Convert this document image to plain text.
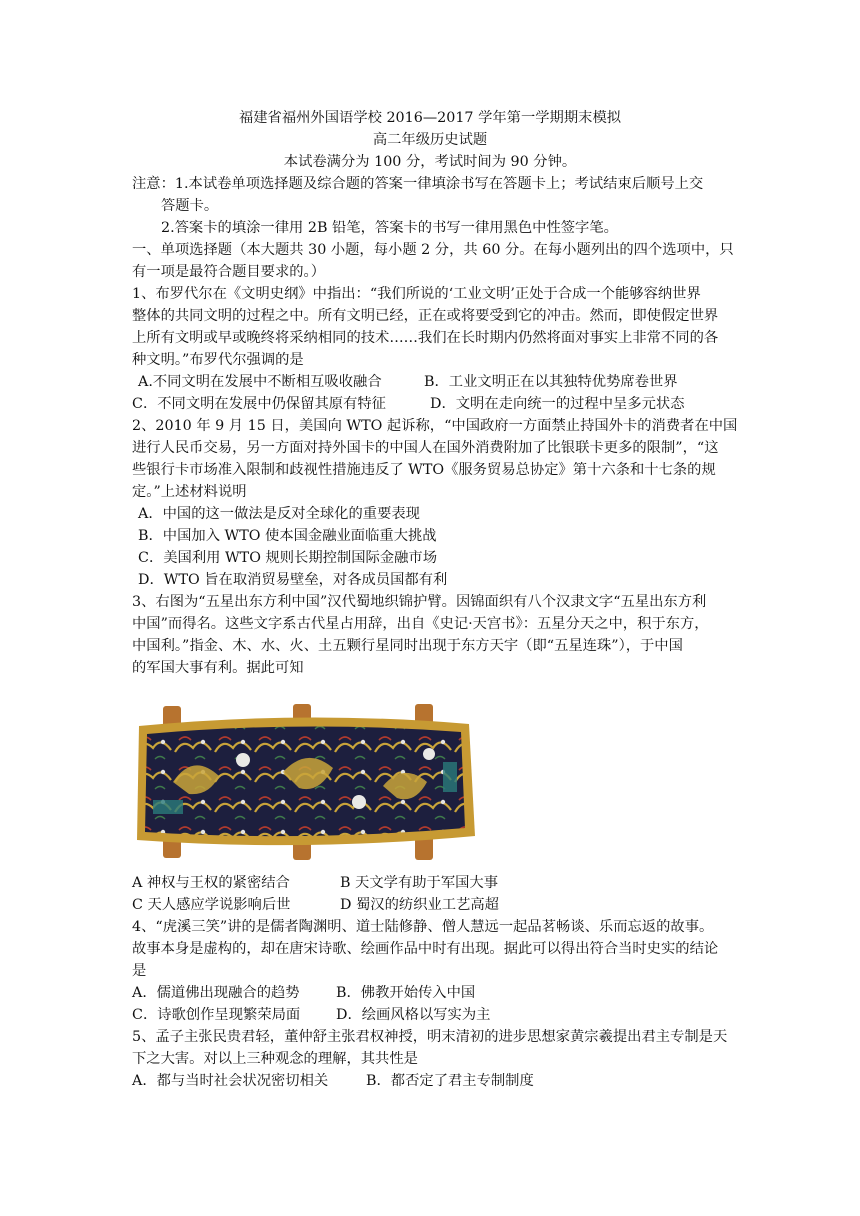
福建省福州外国语学校 2016—2017 学年第一学期期末模拟
高二年级历史试题
本试卷满分为 100 分，考试时间为 90 分钟。
注意：1.本试卷单项选择题及综合题的答案一律填涂书写在答题卡上；考试结束后顺号上交
答题卡。
2.答案卡的填涂一律用 2B 铅笔，答案卡的书写一律用黑色中性签字笔。
一、单项选择题（本大题共 30 小题，每小题 2 分，共 60 分。在每小题列出的四个选项中，只
有一项是最符合题目要求的。）
1、布罗代尔在《文明史纲》中指出：“我们所说的‘工业文明’正处于合成一个能够容纳世界
整体的共同文明的过程之中。所有文明已经，正在或将要受到它的冲击。然而，即使假定世界
上所有文明或早或晚终将采纳相同的技术……我们在长时期内仍然将面对事实上非常不同的各
种文明。”布罗代尔强调的是
A.不同文明在发展中不断相互吸收融合	B．工业文明正在以其独特优势席卷世界
C．不同文明在发展中仍保留其原有特征	D．文明在走向统一的过程中呈多元状态
2、2010 年 9 月 15 日，美国向 WTO 起诉称，“中国政府一方面禁止持国外卡的消费者在中国
进行人民币交易，另一方面对持外国卡的中国人在国外消费附加了比银联卡更多的限制”，“这
些银行卡市场准入限制和歧视性措施违反了 WTO《服务贸易总协定》第十六条和十七条的规
定。”上述材料说明
A．中国的这一做法是反对全球化的重要表现
B．中国加入 WTO 使本国金融业面临重大挑战
C．美国利用 WTO 规则长期控制国际金融市场
D．WTO 旨在取消贸易壁垒，对各成员国都有利
3、右图为“五星出东方利中国”汉代蜀地织锦护臂。因锦面织有八个汉隶文字“五星出东方利
中国”而得名。这些文字系古代星占用辞，出自《史记·天宫书》：五星分天之中，积于东方，
中国利。”指金、木、水、火、土五颗行星同时出现于东方天宇（即“五星连珠”），于中国
的军国大事有利。据此可知
A 神权与王权的紧密结合	B 天文学有助于军国大事
C 天人感应学说影响后世	D 蜀汉的纺织业工艺高超
4、“虎溪三笑”讲的是儒者陶渊明、道士陆修静、僧人慧远一起品茗畅谈、乐而忘返的故事。
故事本身是虚构的，却在唐宋诗歌、绘画作品中时有出现。据此可以得出符合当时史实的结论
是
A．儒道佛出现融合的趋势	B．佛教开始传入中国
C．诗歌创作呈现繁荣局面	D．绘画风格以写实为主
5、孟子主张民贵君轻，董仲舒主张君权神授，明末清初的进步思想家黄宗羲提出君主专制是天
下之大害。对以上三种观念的理解，其共性是
A．都与当时社会状况密切相关	B．都否定了君主专制制度
